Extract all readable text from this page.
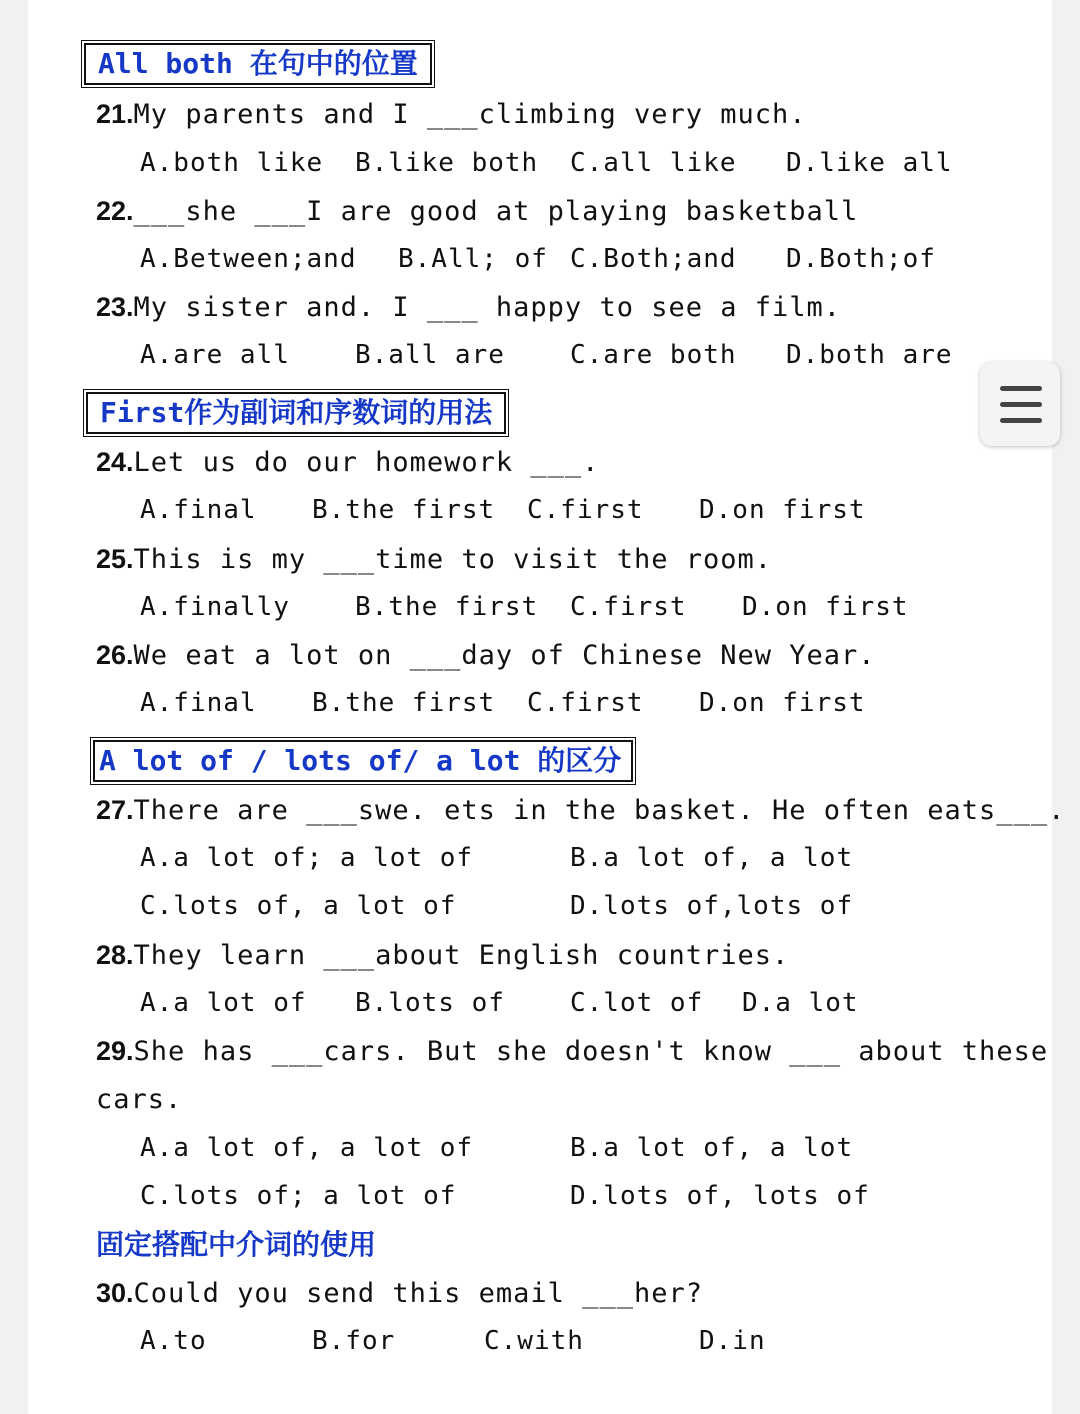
All both 在句中的位置
21.My parents and I ___climbing very much.
A.both like B.like both C.all like D.like all
22.___she ___I are good at playing basketball
A.Between;and B.All; of C.Both;and D.Both;of
23.My sister and. I ___ happy to see a film.
A.are all	B.all are	C.are both D.both are
First作为副词和序数词的用法
24.Let us do our homework ___.
A.final B.the first C.first D.on first
25.This is my ___time to visit the room.
A.finally	B.the first C.first D.on first
26.We eat a lot on ___day of Chinese New Year.
A.final B.the first C.first D.on first
A lot of / lots of/ a lot 的区分
27.There are ___swe. ets in the basket. He often eats___.
A.a lot of; a lot of	B.a lot of, a lot
C.lots of, a lot of	D.lots of,lots of
28.They learn ___about English countries.
A.a lot of B.lots of	C.lot of D.a lot
29.She has ___cars. But she doesn't know ___ about these
cars.
A.a lot of, a lot of	B.a lot of, a lot
C.lots of; a lot of	D.lots of, lots of
固定搭配中介词的使用
30.Could you send this email ___her?
A.to	B.for	C.with	D.in
